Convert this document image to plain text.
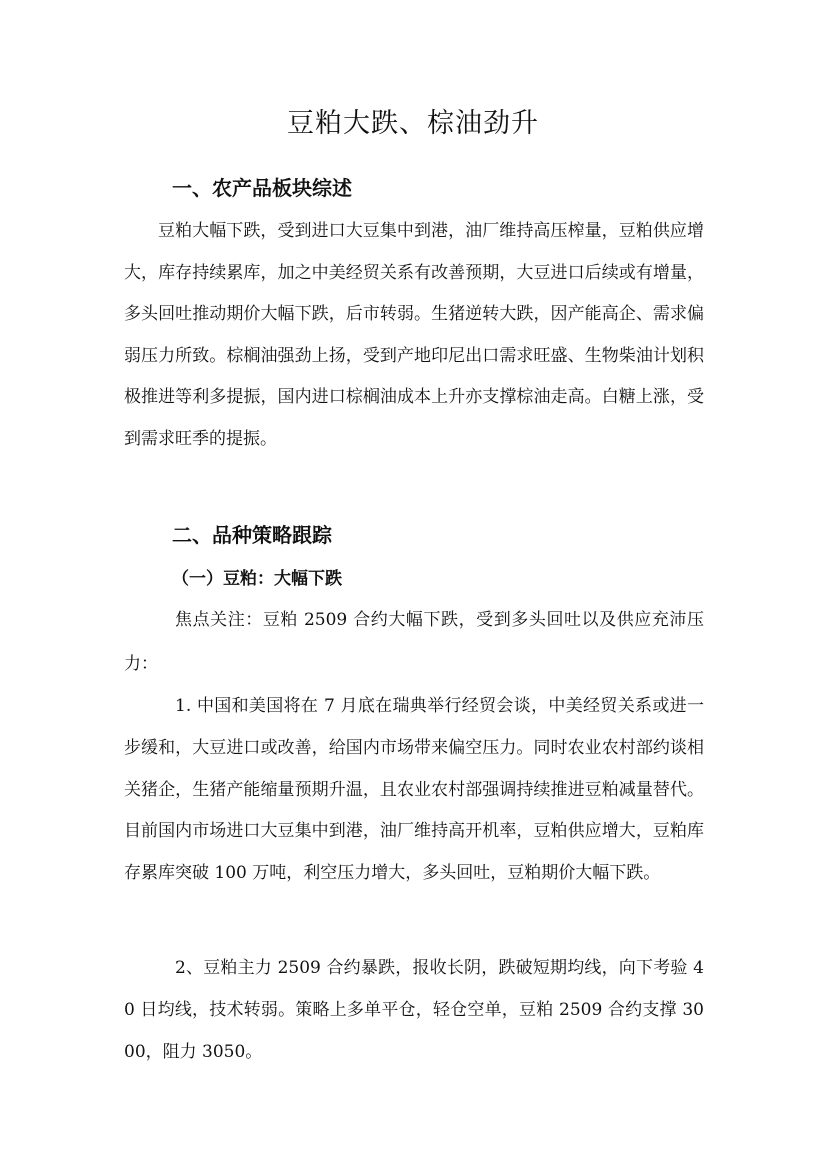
豆粕大跌、棕油劲升
一、农产品板块综述

豆粕大幅下跌，受到进口大豆集中到港，油厂维持高压榨量，豆粕供应增大，库存持续累库，加之中美经贸关系有改善预期，大豆进口后续或有增量，多头回吐推动期价大幅下跌，后市转弱。生猪逆转大跌，因产能高企、需求偏弱压力所致。棕榈油强劲上扬，受到产地印尼出口需求旺盛、生物柴油计划积极推进等利多提振，国内进口棕榈油成本上升亦支撑棕油走高。白糖上涨，受到需求旺季的提振。

二、品种策略跟踪
（一）豆粕：大幅下跌

焦点关注：豆粕 2509 合约大幅下跌，受到多头回吐以及供应充沛压力：

1. 中国和美国将在 7 月底在瑞典举行经贸会谈，中美经贸关系或进一步缓和，大豆进口或改善，给国内市场带来偏空压力。同时农业农村部约谈相关猪企，生猪产能缩量预期升温，且农业农村部强调持续推进豆粕减量替代。目前国内市场进口大豆集中到港，油厂维持高开机率，豆粕供应增大，豆粕库存累库突破 100 万吨，利空压力增大，多头回吐，豆粕期价大幅下跌。

2、豆粕主力 2509 合约暴跌，报收长阴，跌破短期均线，向下考验 40 日均线，技术转弱。策略上多单平仓，轻仓空单，豆粕 2509 合约支撑 3000，阻力 3050。
